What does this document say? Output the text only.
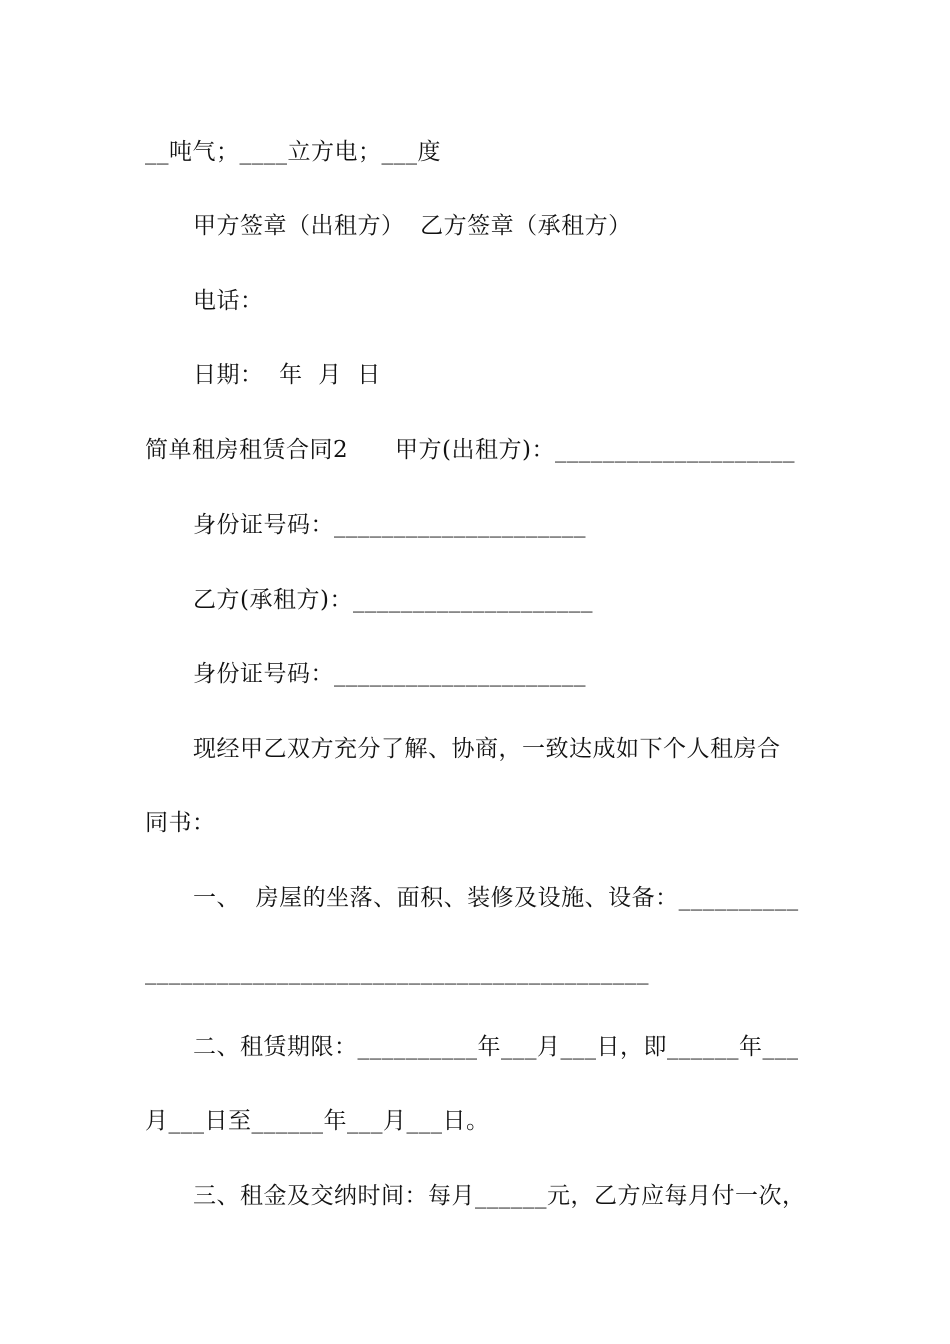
__吨气；____立方电；___度
甲方签章（出租方）  乙方签章（承租方）
电话：
日期：  年  月  日
简单租房租赁合同2      甲方(出租方)：____________________
身份证号码：_____________________
乙方(承租方)：____________________
身份证号码：_____________________
现经甲乙双方充分了解、协商，一致达成如下个人租房合
同书：
一、  房屋的坐落、面积、装修及设施、设备：__________
__________________________________________
二、租赁期限：__________年___月___日，即______年___
月___日至______年___月___日。
三、租金及交纳时间：每月______元，乙方应每月付一次，
